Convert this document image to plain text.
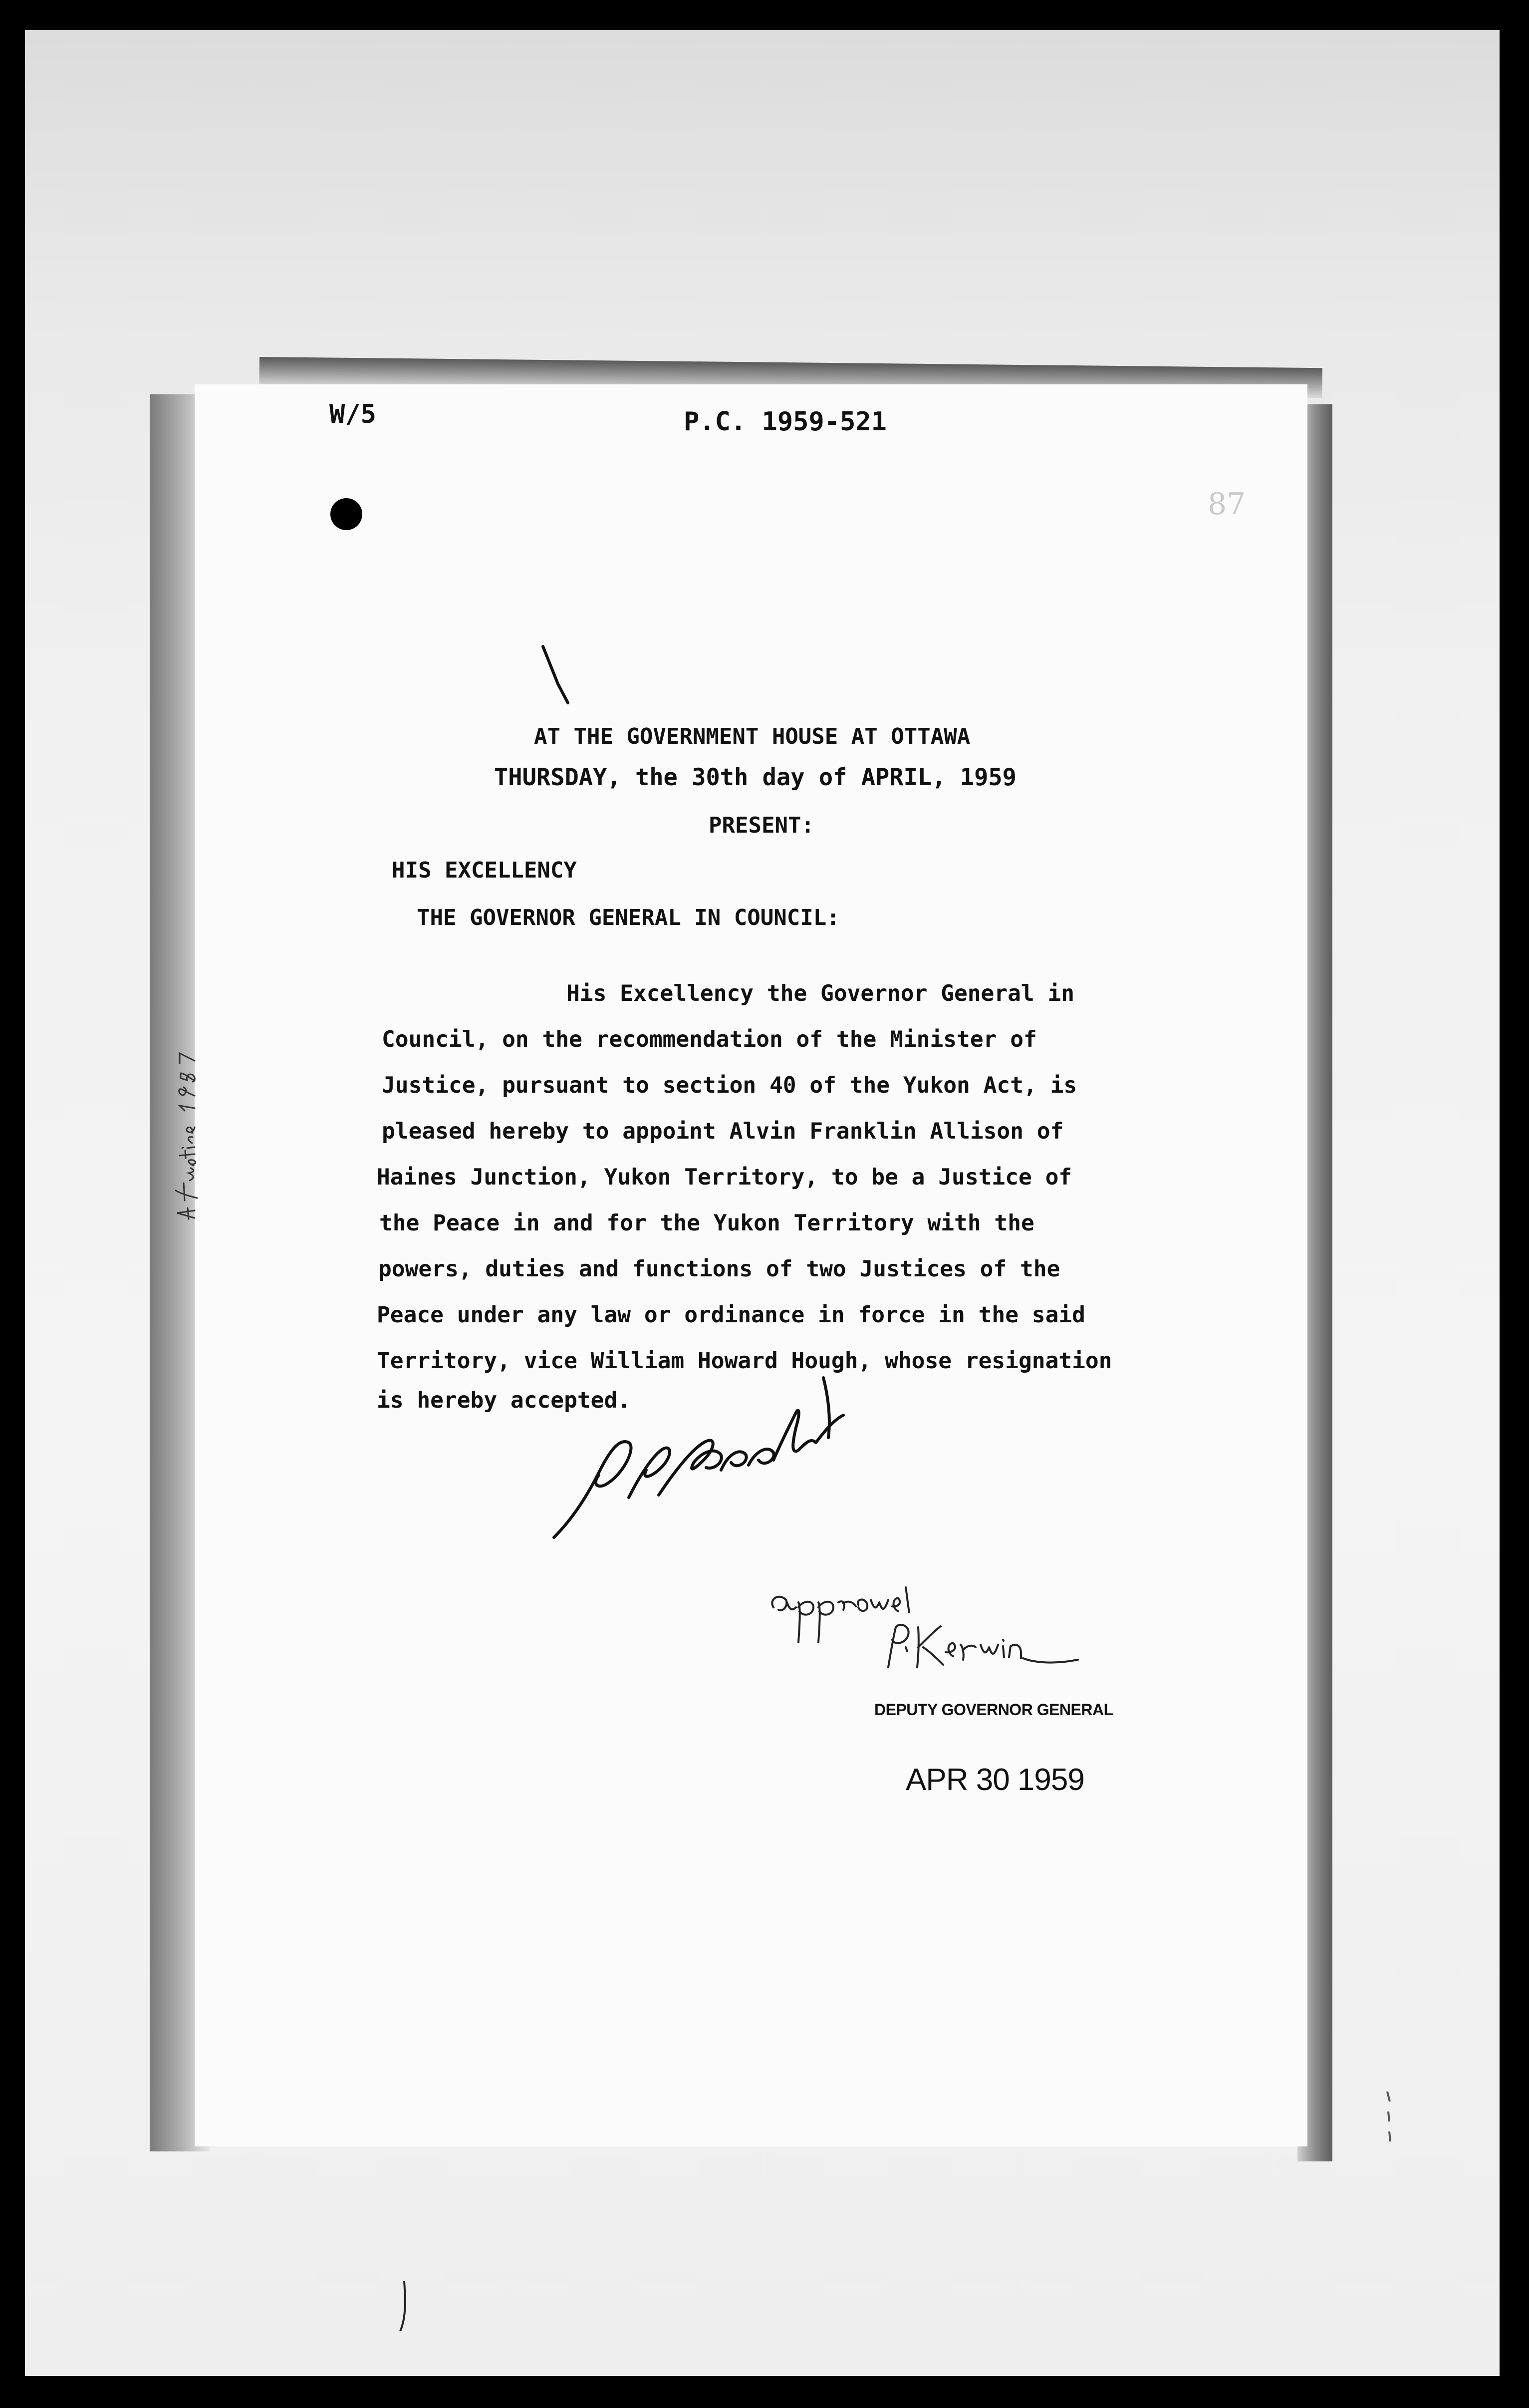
W/5	P.C. 1959-521
87
AT THE GOVERNMENT HOUSE AT OTTAWA
THURSDAY, the 30th day of APRIL, 1959
PRESENT:
HIS EXCELLENCY
THE GOVERNOR GENERAL IN COUNCIL:
His Excellency the Governor General in
Council, on the recommendation of the Minister of
Justice, pursuant to section 40 of the Yukon Act, is
pleased hereby to appoint Alvin Franklin Allison of
Haines Junction, Yukon Territory, to be a Justice of
the Peace in and for the Yukon Territory with the
powers, duties and functions of two Justices of the
Peace under any law or ordinance in force in the said
Territory, vice William Howard Hough, whose resignation
is hereby accepted.
DEPUTY GOVERNOR GENERAL
APR 30 1959
